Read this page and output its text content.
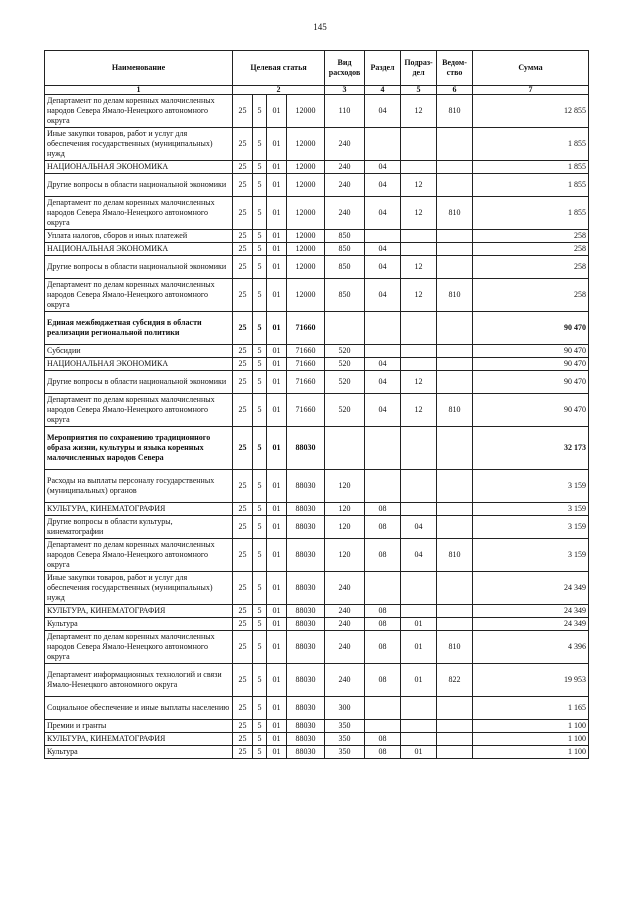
145
Наименование	Целевая статья				Вид расходов	Раздел	Подраз-дел	Ведом-ство	Сумма
1	2				3	4	5	6	7
Департамент по делам коренных малочисленных народов Севера Ямало-Ненецкого автономного округа	25	5	01	12000	110	04	12	810	12 855
Иные закупки товаров, работ и услуг для обеспечения государственных (муниципальных) нужд	25	5	01	12000	240				1 855
НАЦИОНАЛЬНАЯ ЭКОНОМИКА	25	5	01	12000	240	04			1 855
Другие вопросы в области национальной экономики	25	5	01	12000	240	04	12		1 855
Департамент по делам коренных малочисленных народов Севера Ямало-Ненецкого автономного округа	25	5	01	12000	240	04	12	810	1 855
Уплата налогов, сборов и иных платежей	25	5	01	12000	850				258
НАЦИОНАЛЬНАЯ ЭКОНОМИКА	25	5	01	12000	850	04			258
Другие вопросы в области национальной экономики	25	5	01	12000	850	04	12		258
Департамент по делам коренных малочисленных народов Севера Ямало-Ненецкого автономного округа	25	5	01	12000	850	04	12	810	258
Единая межбюджетная субсидия в области реализации региональной политики	25	5	01	71660					90 470
Субсидии	25	5	01	71660	520				90 470
НАЦИОНАЛЬНАЯ ЭКОНОМИКА	25	5	01	71660	520	04			90 470
Другие вопросы в области национальной экономики	25	5	01	71660	520	04	12		90 470
Департамент по делам коренных малочисленных народов Севера Ямало-Ненецкого автономного округа	25	5	01	71660	520	04	12	810	90 470
Мероприятия по сохранению традиционного образа жизни, культуры и языка коренных малочисленных народов Севера	25	5	01	88030					32 173
Расходы на выплаты персоналу государственных (муниципальных) органов	25	5	01	88030	120				3 159
КУЛЬТУРА, КИНЕМАТОГРАФИЯ	25	5	01	88030	120	08			3 159
Другие вопросы в области культуры, кинематографии	25	5	01	88030	120	08	04		3 159
Департамент по делам коренных малочисленных народов Севера Ямало-Ненецкого автономного округа	25	5	01	88030	120	08	04	810	3 159
Иные закупки товаров, работ и услуг для обеспечения государственных (муниципальных) нужд	25	5	01	88030	240				24 349
КУЛЬТУРА, КИНЕМАТОГРАФИЯ	25	5	01	88030	240	08			24 349
Культура	25	5	01	88030	240	08	01		24 349
Департамент по делам коренных малочисленных народов Севера Ямало-Ненецкого автономного округа	25	5	01	88030	240	08	01	810	4 396
Департамент информационных технологий и связи Ямало-Ненецкого автономного округа	25	5	01	88030	240	08	01	822	19 953
Социальное обеспечение и иные выплаты населению	25	5	01	88030	300				1 165
Премии и гранты	25	5	01	88030	350				1 100
КУЛЬТУРА, КИНЕМАТОГРАФИЯ	25	5	01	88030	350	08			1 100
Культура	25	5	01	88030	350	08	01		1 100
